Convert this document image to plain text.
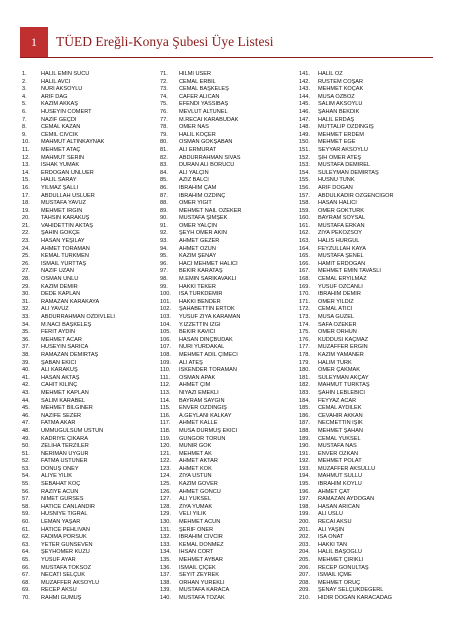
1	TÜED Ereğli-Konya Şubesi Üye Listesi
1.	HALİL EMİN SUCU
2.	HALİL AVCI
3.	NURİ AKSOYLU
4.	ARİF DAĞ
5.	KAZIM AKKAŞ
6.	HÜSEYİN CÖMERT
7.	NAZİF GEÇDİ
8.	CEMAL KAZAN
9.	CEMİL CİVCİK
10.	MAHMUT ALTINKAYNAK
11.	MEHMET ATAÇ
12.	MAHMUT SERİN
13.	İSHAK YUMAK
14.	ERDOĞAN ÜNLÜER
15.	HALİL SARAY
16.	YILMAZ ŞALLI
17.	ABDULLAH USLUER
18.	MUSTAFA YAVUZ
19.	MEHMET İRGİN
20.	TAHSİN KARAKUŞ
21.	VAHİDETTİN AKTAŞ
22.	ŞAHİN GÖKÇE
23.	HASAN YEŞİLAY
24.	AHMET TORAMAN
25.	KEMAL TÜRKMEN
26.	İSMAİL YURTTAŞ
27.	NAZIF UZAN
28.	OSMAN ÜNLÜ
29.	KAZIM DEMİR
30.	DEDE KAPLAN
31.	RAMAZAN KARAKAYA
32.	ALİ YAVUZ
33.	ABDURRAHMAN ÖZDİVLELİ
34.	M.NACİ BAŞKELEŞ
35.	FERİT AYDIN
36.	MEHMET ACAR
37.	HÜSEYİN SARICA
38.	RAMAZAN DEMİRTAŞ
39.	ŞABAN EKİCİ
40.	ALİ KARAKUŞ
41.	HASAN AKTAŞ
42.	CAHİT KILINÇ
43.	MEHMET KAPLAN
44.	SALİM KARABEL
45.	MEHMET BİLGİNER
46.	NAZİFE SEZER
47.	FATMA AKAR
48.	ÜMMÜGÜLSÜM ÜSTÜN
49.	KADRİYE ÇIKARA
50.	ZELİHA TERZİLER
51.	NERİMAN UYGUR
52.	FATMA ÜSTÜNER
53.	DÖNÜŞ ÖNEY
54.	ALİYE YILIK
55.	SEBAHAT KOÇ
56.	RAZİYE ACUN
57.	NİMET GÜRSES
58.	HATİCE CANLANDIR
59.	HÜSNİYE TIĞRAL
60.	LEMAN YAŞAR
61.	HATİCE PEHLİVAN
62.	FADİMA PORSUK
63.	YETER GÜNSEVEN
64.	ŞEYHÖMER KUZU
65.	YUSUF AYAR
66.	MUSTAFA TOKSÖZ
67.	NECATİ SELÇUK
68.	MUZAFFER AKSOYLU
69.	RECEP AKSU
70.	RAHMİ GÜMÜŞ
71.	HİLMİ USER
72.	CEMAL ERBİL
73.	CEMAL BAŞKELEŞ
74.	CAFER ALİCAN
75.	EFENDİ YASSIBAŞ
76.	MEVLÜT ALTUNEL
77.	M.RECAİ KARABUDAK
78.	ÖMER NAS
79.	HALİL KOÇER
80.	OSMAN GÖKŞABAN
81.	ALİ ERMURAT
82.	ABDURRAHMAN SİVAS
83.	DURAN ALİ BORUCU
84.	ALİ YALÇIN
85.	AZİZ BALCI
86.	İBRAHİM ÇAM
87.	İBRAHİM ÖZDİNÇ
88.	ÖMER YİĞİT
89.	MEHMET NAİL ÖZEKER
90.	MUSTAFA ŞİMŞEK
91.	ÖMER YALÇIN
92.	ŞEYH ÖMER AKIN
93.	AHMET GEZER
94.	AHMET ÖZUN
95.	KAZIM ŞENAY
96.	HACI MEHMET HALICI
97.	BEKİR KARATAŞ
98.	M.EMİN SARIKAVAKLI
99.	HAKKI TEKER
100.	İSA TÜRKDEMİR
101.	HAKKI BENDER
102.	ŞAHABETTİN ERTOK
103.	YUSUF ZİYA KARAMAN
104.	Y.İZZETTİN İZGİ
105.	BEKİR KAVİCİ
106.	HASAN DİNÇBUDAK
107.	NURİ YURDAKAL
108.	MEHMET ADİL ÇİMECİ
109.	ALİ ATEŞ
110.	İSKENDER TORAMAN
111.	OSMAN APAK
112.	AHMET ÇİM
113.	NİYAZİ EMEKLİ
114.	BAYRAM SAYGIN
115.	ENVER ÖZDİNGİŞ
116.	A.GEYLANİ KALKAY
117.	AHMET KALLE
118.	MUSA DURMUŞ EKİCİ
119.	GÜNGÖR TORUN
120.	MÜNİR GÖK
121.	MEHMET AK
122.	AHMET AKTAR
123.	AHMET KÖK
124.	ZİYA ÜSTÜN
125.	KAZIM GÖVER
126.	AHMET GÖNCÜ
127.	ALİ YÜKSEL
128.	ZİYA YUMAK
129.	VELİ YILIK
130.	MEHMET ACUN
131.	ŞERİF ÖNER
132.	İBRAHİM CİVCİR
133.	KEMAL DÖNMEZ
134.	İHSAN CORT
135.	MEHMET AYBAR
136.	İSMAİL ÇİÇEK
137.	SEYİT ZEYREK
138.	ORHAN YÜREKLİ
139.	MUSTAFA KARACA
140.	MUSTAFA TOZAK
141.	HALİL ÖZ
142.	RÜSTEM COŞAR
143.	MEHMET KOÇAK
144.	MUSA ÖZBOZ
145.	SALİM AKSOYLU
146.	ŞAHAN BEKDİK
147.	HALİL ERDAŞ
148.	MUTTALİP ÖZDİNGİŞ
149.	MEHMET ERDEM
150.	MEHMET EGE
151.	SEYYAR AKSOYLU
152.	ŞIH ÖMER ATEŞ
153.	MUSTAFA DEMİREL
154.	SÜLEYMAN DEMİRTAŞ
155.	HÜSNÜ TUNK
156.	ARİF DOĞAN
157.	ABDULKADİR ÖZGENCİGÖR
158.	HASAN HALICI
159.	ÖMER GÖKTÜRK
160.	BAYRAM SOYSAL
161.	MUSTAFA ERKAN
162.	ZİYA PEKÖZSOY
163.	HALİS HÜRGÜL
164.	FEYZULLAH KAYA
165.	MUSTAFA ŞENEL
166.	HAMİT ERDOĞAN
167.	MEHMET EMİN TAVASLI
168.	CEMAL ERYILMAZ
169.	YUSUF ÖZCANLI
170.	İBRAHİM DEMİR
171.	ÖMER YILDIZ
172.	CEMAL ATICI
173.	MUSA GÜZEL
174.	SAFA ÖZEKER
175.	ÖMER ORHUN
176.	KUDDUSİ KAÇMAZ
177.	MUZAFFER ERGİN
178.	KAZIM YAMANER
179.	HALİM TÜRK
180.	ÖMER ÇAKMAK
181.	SÜLEYMAN AKÇAY
182.	MAHMUT TÜRKTAŞ
183.	ŞAHİN LEBLEBİCİ
184.	FEYYAZ ACAR
185.	CEMAL AYDİLEK
186.	CEVAHİR AKKAN
187.	NECMETTİN IŞIK
188.	MEHMET ŞAHAN
189.	CEMAL YÜKSEL
190.	MUSTAFA NAS
191.	ENVER ÖZKAN
192.	MEHMET POLAT
193.	MUZAFFER AKSÜLLÜ
194.	MAHMUT SÜLLÜ
195.	İBRAHİM KÖYLÜ
196.	AHMET ÇAT
197.	RAMAZAN AYDOĞAN
198.	HASAN ARICAN
199.	ALİ USLU
200.	RECAİ AKSU
201.	ALİ YAŞIN
202.	İSA ONAT
203.	HAKKI TAN
204.	HALİL BAŞOĞLU
205.	MEHMET ÇIRIKLI
206.	RECEP GÖNÜLTAŞ
207.	İSMAİL İÇME
208.	MEHMET ORUÇ
209.	ŞENAY SELÇUKDEĞERL
210.	HIDIR DOĞAN KARACADAĞ
